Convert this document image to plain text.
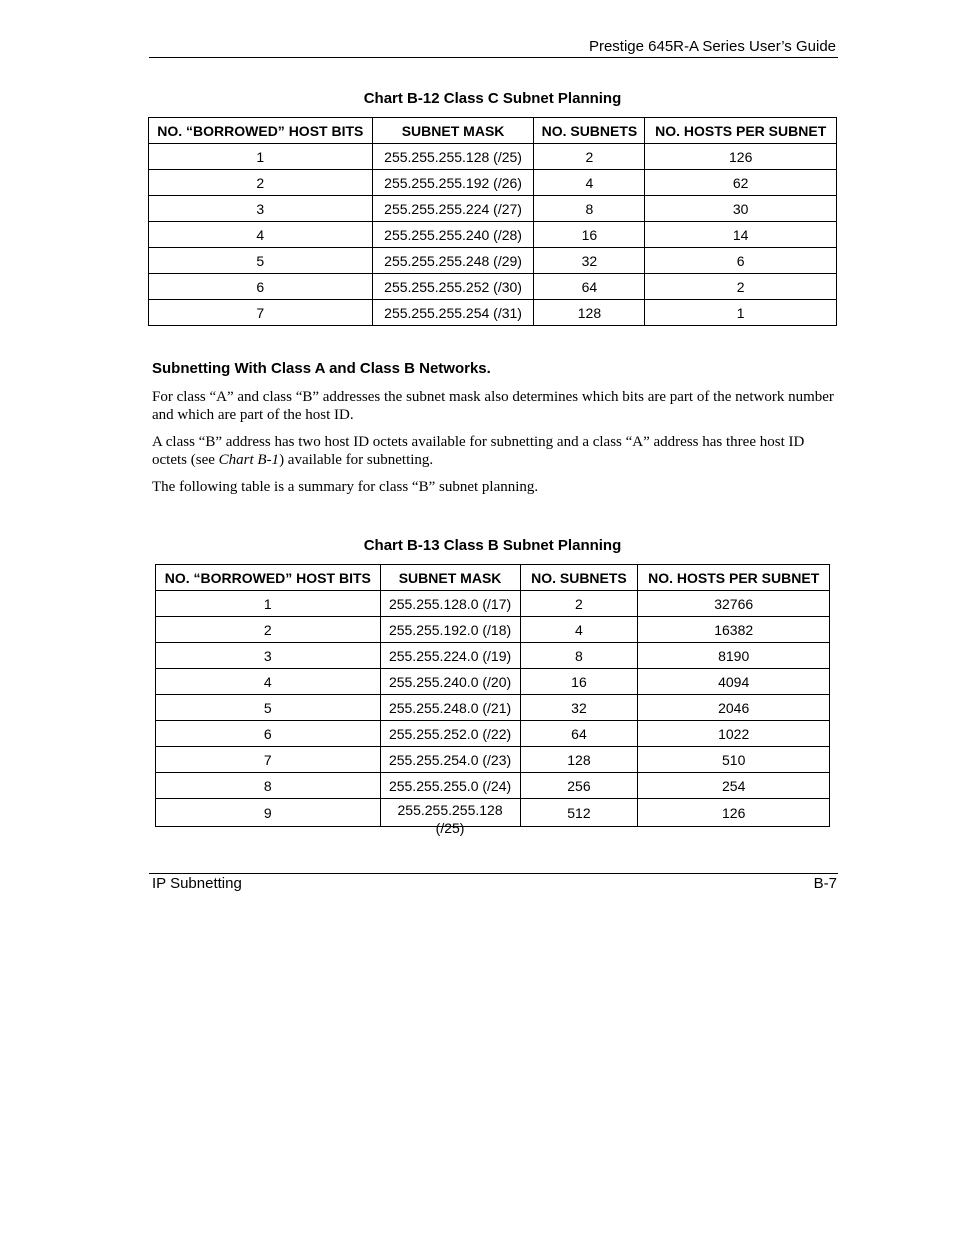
Prestige 645R-A Series User’s Guide
Chart B-12 Class C Subnet Planning
NO. “BORROWED” HOST BITS	SUBNET MASK	NO. SUBNETS	NO. HOSTS PER SUBNET
1	255.255.255.128 (/25)	2	126
2	255.255.255.192 (/26)	4	62
3	255.255.255.224 (/27)	8	30
4	255.255.255.240 (/28)	16	14
5	255.255.255.248 (/29)	32	6
6	255.255.255.252 (/30)	64	2
7	255.255.255.254 (/31)	128	1
Subnetting With Class A and Class B Networks.
For class “A” and class “B” addresses the subnet mask also determines which bits are part of the network number and which are part of the host ID.
A class “B” address has two host ID octets available for subnetting and a class “A” address has three host ID octets (see Chart B-1) available for subnetting.
The following table is a summary for class “B” subnet planning.
Chart B-13 Class B Subnet Planning
NO. “BORROWED” HOST BITS	SUBNET MASK	NO. SUBNETS	NO. HOSTS PER SUBNET
1	255.255.128.0 (/17)	2	32766
2	255.255.192.0 (/18)	4	16382
3	255.255.224.0 (/19)	8	8190
4	255.255.240.0 (/20)	16	4094
5	255.255.248.0 (/21)	32	2046
6	255.255.252.0 (/22)	64	1022
7	255.255.254.0 (/23)	128	510
8	255.255.255.0 (/24)	256	254
9	255.255.255.128 (/25)	512	126
IP Subnetting	B-7
